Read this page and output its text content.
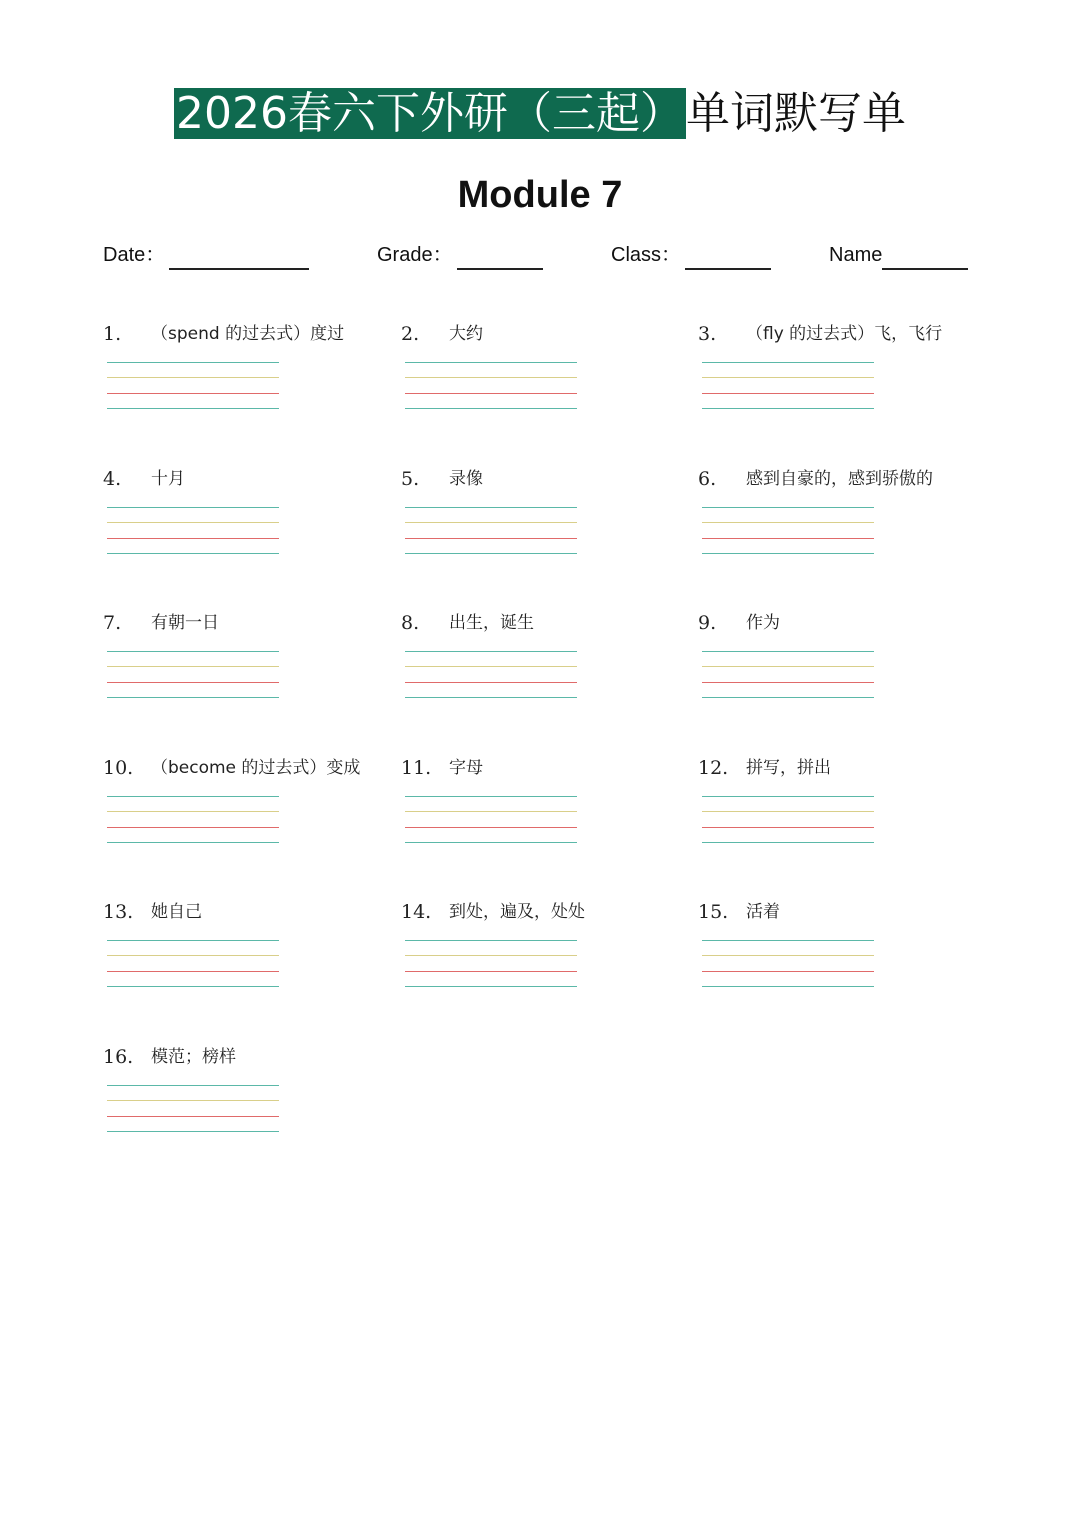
2026春六下外研（三起）单词默写单
Module 7
Date：	Grade：	Class：	Name
1. （spend 的过去式）度过	2. 大约	3. （fly 的过去式）飞，飞行
4. 十月	5. 录像	6. 感到自豪的，感到骄傲的
7. 有朝一日	8. 出生，诞生	9. 作为
10. （become 的过去式）变成 11. 字母	12. 拼写，拼出
13. 她自己	14. 到处，遍及，处处	15. 活着
16. 模范；榜样
